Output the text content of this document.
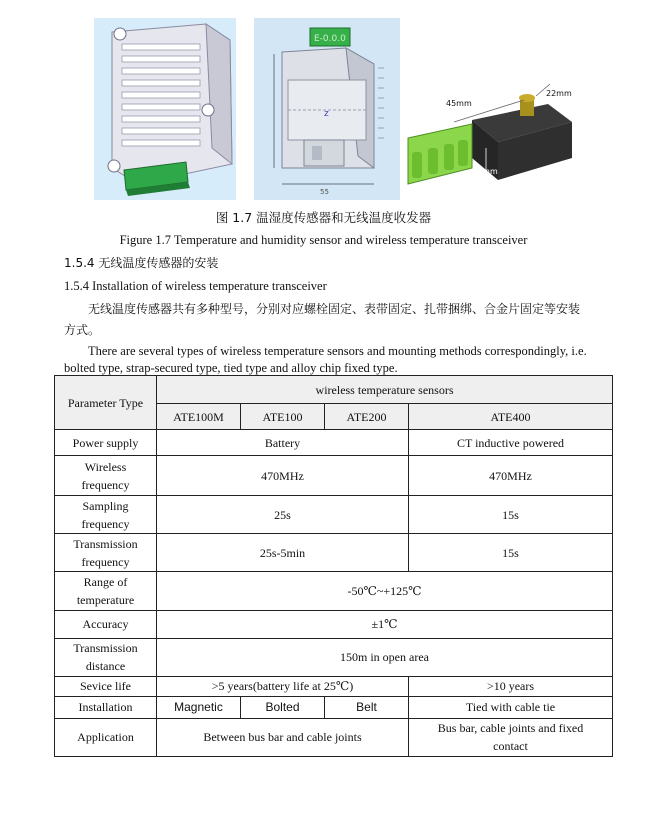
E-0.0.0
z
55
45mm
22mm
14mm
图 1.7 温湿度传感器和无线温度收发器
Figure 1.7 Temperature and humidity sensor and wireless temperature transceiver
1.5.4 无线温度传感器的安装
1.5.4 Installation of wireless temperature transceiver
无线温度传感器共有多种型号，分别对应螺栓固定、表带固定、扎带捆绑、合金片固定等安装
方式。
There are several types of wireless temperature sensors and mounting methods correspondingly, i.e.
bolted type, strap-secured type, tied type and alloy chip fixed type.
Parameter Type	wireless temperature sensors			
	ATE100M	ATE100	ATE200	ATE400
Power supply	Battery			CT inductive powered
Wireless
frequency	470MHz			470MHz
Sampling
frequency	25s			15s
Transmission
frequency	25s-5min			15s
Range of
temperature	-50℃~+125℃			
Accuracy	±1℃			
Transmission
distance	150m in open area			
Sevice life	>5 years(battery life at 25℃)			>10 years
Installation	Magnetic	Bolted	Belt	Tied with cable tie
Application	Between bus bar and cable joints			Bus bar, cable joints and fixed
contact
